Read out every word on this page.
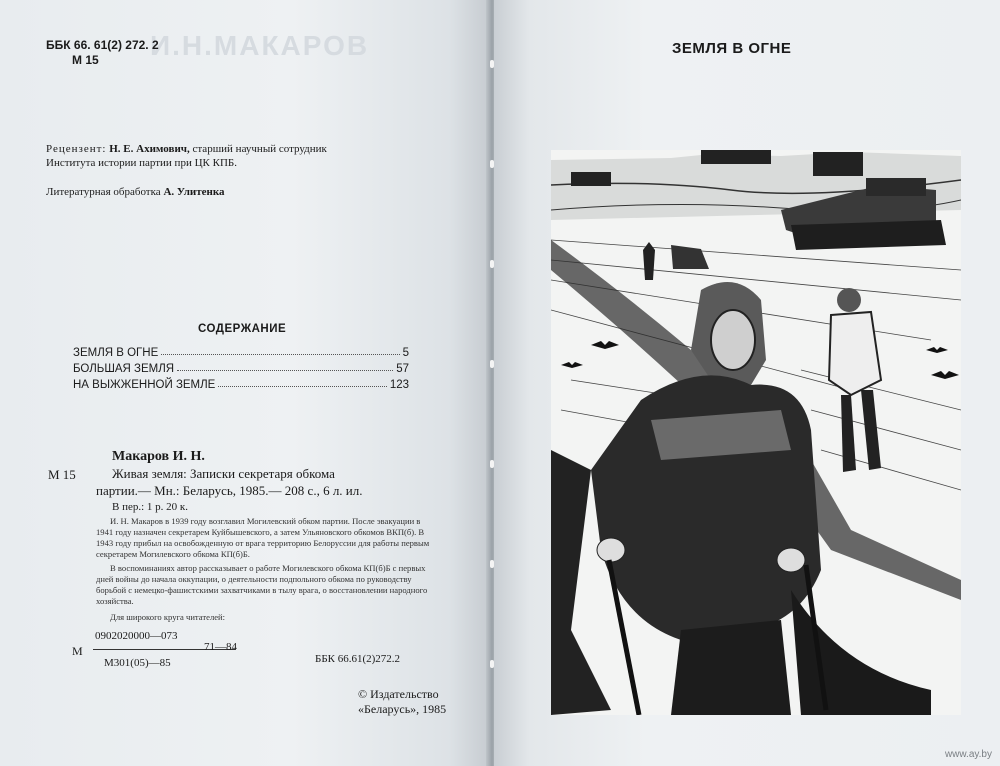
И.Н.МАКАРОВ
ББК 66. 61(2) 272. 2
М 15
Рецензент: Н. Е. Ахимович, старший научный сотрудник
Института истории партии при ЦК КПБ.
Литературная обработка А. Улитенка
СОДЕРЖАНИЕ
ЗЕМЛЯ В ОГНЕ	5
БОЛЬШАЯ ЗЕМЛЯ	57
НА ВЫЖЖЕННОЙ ЗЕМЛЕ	123
Макаров И. Н.
М 15	Живая земля: Записки секретаря обкома
партии.— Мн.: Беларусь, 1985.— 208 с., 6 л. ил.
В пер.: 1 р. 20 к.
И. Н. Макаров в 1939 году возглавил Могилевский обком партии. После эвакуации в 1941 году назначен секретарем Куйбышевского, а затем Ульяновского обкомов ВКП(б). В 1943 году прибыл на освобожденную от врага территорию Белоруссии для работы первым секретарем Могилевского обкома КП(б)Б.
В воспоминаниях автор рассказывает о работе Могилевского обкома КП(б)Б с первых дней войны до начала оккупации, о деятельности подпольного обкома по руководству борьбой с немецко-фашистскими захватчиками в тылу врага, о восстановлении народного хозяйства.
Для широкого круга читателей:
0902020000—073
М	71—84
М301(05)—85	ББК 66.61(2)272.2
© Издательство
«Беларусь», 1985
ЗЕМЛЯ В ОГНЕ
www.ay.by
